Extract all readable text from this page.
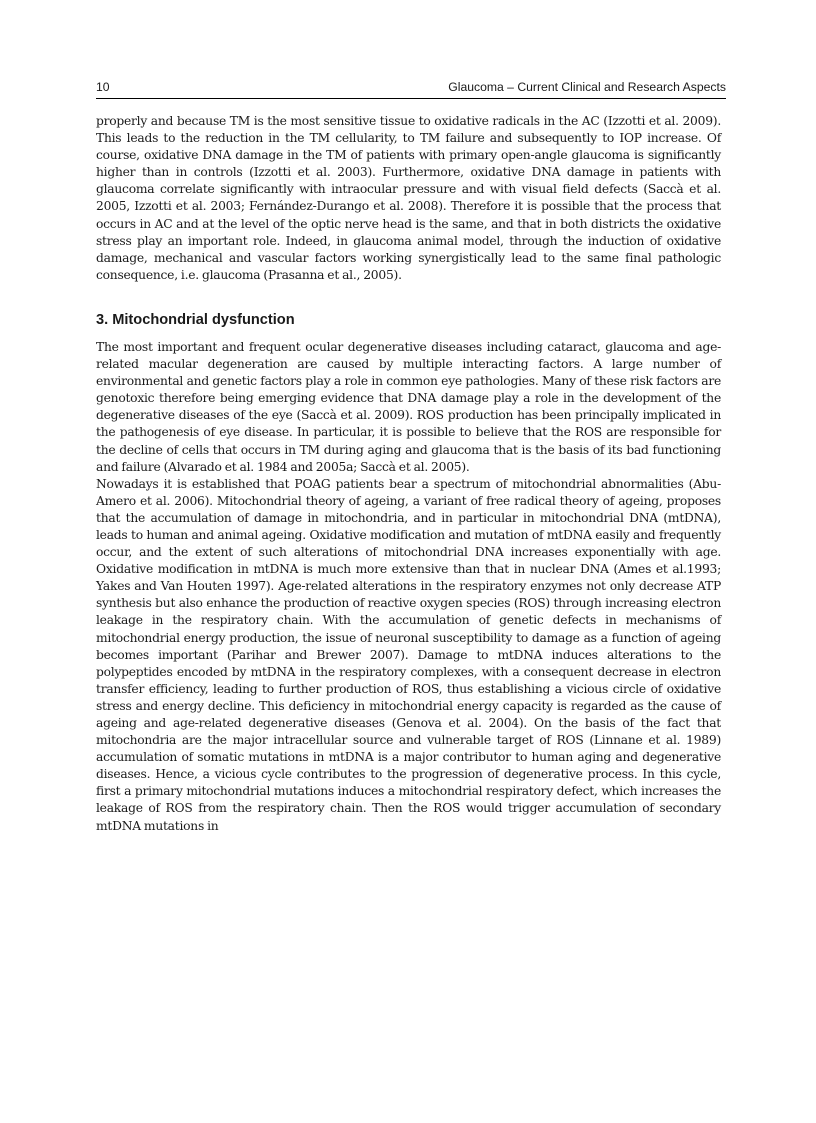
10	Glaucoma – Current Clinical and Research Aspects

properly and because TM is the most sensitive tissue to oxidative radicals in the AC (Izzotti et al. 2009). This leads to the reduction in the TM cellularity, to TM failure and subsequently to IOP increase. Of course, oxidative DNA damage in the TM of patients with primary open-angle glaucoma is significantly higher than in controls (Izzotti et al. 2003). Furthermore, oxidative DNA damage in patients with glaucoma correlate significantly with intraocular pressure and with visual field defects (Saccà et al. 2005, Izzotti et al. 2003; Fernández-Durango et al. 2008). Therefore it is possible that the process that occurs in AC and at the level of the optic nerve head is the same, and that in both districts the oxidative stress play an important role. Indeed, in glaucoma animal model, through the induction of oxidative damage, mechanical and vascular factors working synergistically lead to the same final pathologic consequence, i.e. glaucoma (Prasanna et al., 2005).

3. Mitochondrial dysfunction

The most important and frequent ocular degenerative diseases including cataract, glaucoma and age-related macular degeneration are caused by multiple interacting factors. A large number of environmental and genetic factors play a role in common eye pathologies. Many of these risk factors are genotoxic therefore being emerging evidence that DNA damage play a role in the development of the degenerative diseases of the eye (Saccà et al. 2009). ROS production has been principally implicated in the pathogenesis of eye disease. In particular, it is possible to believe that the ROS are responsible for the decline of cells that occurs in TM during aging and glaucoma that is the basis of its bad functioning and failure (Alvarado et al. 1984 and 2005a; Saccà et al. 2005).

Nowadays it is established that POAG patients bear a spectrum of mitochondrial abnormalities (Abu-Amero et al. 2006). Mitochondrial theory of ageing, a variant of free radical theory of ageing, proposes that the accumulation of damage in mitochondria, and in particular in mitochondrial DNA (mtDNA), leads to human and animal ageing. Oxidative modification and mutation of mtDNA easily and frequently occur, and the extent of such alterations of mitochondrial DNA increases exponentially with age. Oxidative modification in mtDNA is much more extensive than that in nuclear DNA (Ames et al.1993; Yakes and Van Houten 1997). Age-related alterations in the respiratory enzymes not only decrease ATP synthesis but also enhance the production of reactive oxygen species (ROS) through increasing electron leakage in the respiratory chain. With the accumulation of genetic defects in mechanisms of mitochondrial energy production, the issue of neuronal susceptibility to damage as a function of ageing becomes important (Parihar and Brewer 2007). Damage to mtDNA induces alterations to the polypeptides encoded by mtDNA in the respiratory complexes, with a consequent decrease in electron transfer efficiency, leading to further production of ROS, thus establishing a vicious circle of oxidative stress and energy decline. This deficiency in mitochondrial energy capacity is regarded as the cause of ageing and age-related degenerative diseases (Genova et al. 2004). On the basis of the fact that mitochondria are the major intracellular source and vulnerable target of ROS (Linnane et al. 1989) accumulation of somatic mutations in mtDNA is a major contributor to human aging and degenerative diseases. Hence, a vicious cycle contributes to the progression of degenerative process. In this cycle, first a primary mitochondrial mutations induces a mitochondrial respiratory defect, which increases the leakage of ROS from the respiratory chain. Then the ROS would trigger accumulation of secondary mtDNA mutations in
